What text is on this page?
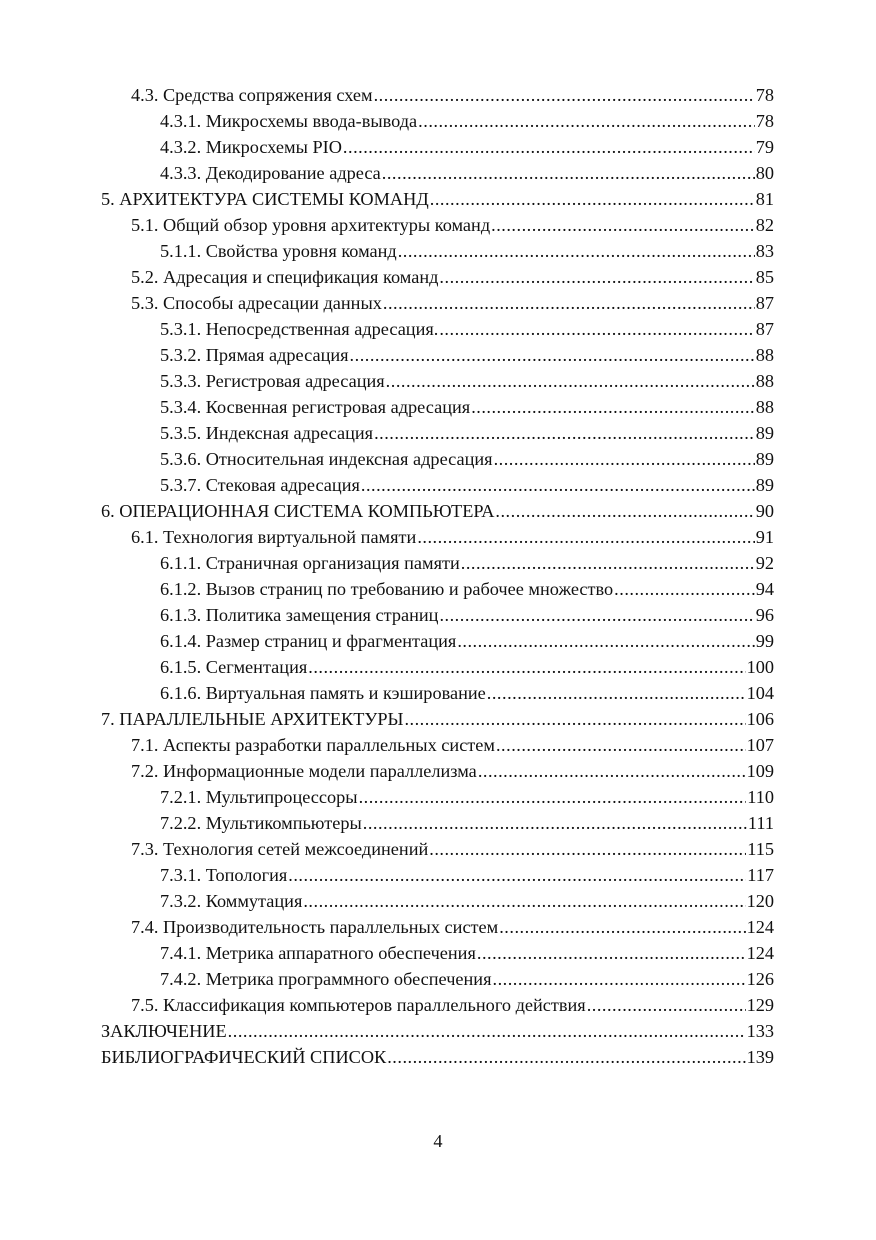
4.3. Средства сопряжения схем .....	78
4.3.1. Микросхемы ввода-вывода .....	78
4.3.2. Микросхемы PIO .....	79
4.3.3. Декодирование адреса .....	80
5. АРХИТЕКТУРА СИСТЕМЫ КОМАНД .....	81
5.1. Общий обзор уровня архитектуры команд .....	82
5.1.1. Свойства уровня команд .....	83
5.2. Адресация и спецификация команд .....	85
5.3. Способы адресации данных .....	87
5.3.1. Непосредственная адресация. .....	87
5.3.2. Прямая адресация .....	88
5.3.3. Регистровая адресация .....	88
5.3.4. Косвенная регистровая адресация .....	88
5.3.5. Индексная адресация .....	89
5.3.6. Относительная индексная адресация .....	89
5.3.7. Стековая адресация .....	89
6. ОПЕРАЦИОННАЯ СИСТЕМА КОМПЬЮТЕРА .....	90
6.1. Технология виртуальной памяти .....	91
6.1.1. Страничная организация памяти .....	92
6.1.2. Вызов страниц по требованию и рабочее множество .....	94
6.1.3. Политика замещения страниц .....	96
6.1.4. Размер страниц и фрагментация .....	99
6.1.5. Сегментация .....	100
6.1.6. Виртуальная память и кэширование .....	104
7. ПАРАЛЛЕЛЬНЫЕ АРХИТЕКТУРЫ .....	106
7.1. Аспекты разработки параллельных систем .....	107
7.2. Информационные модели параллелизма .....	109
7.2.1. Мультипроцессоры .....	110
7.2.2. Мультикомпьютеры .....	111
7.3. Технология сетей межсоединений .....	115
7.3.1. Топология .....	117
7.3.2. Коммутация .....	120
7.4. Производительность параллельных систем .....	124
7.4.1. Метрика аппаратного обеспечения .....	124
7.4.2. Метрика программного обеспечения .....	126
7.5. Классификация компьютеров параллельного действия .....	129
ЗАКЛЮЧЕНИЕ .....	133
БИБЛИОГРАФИЧЕСКИЙ СПИСОК .....	139
4
